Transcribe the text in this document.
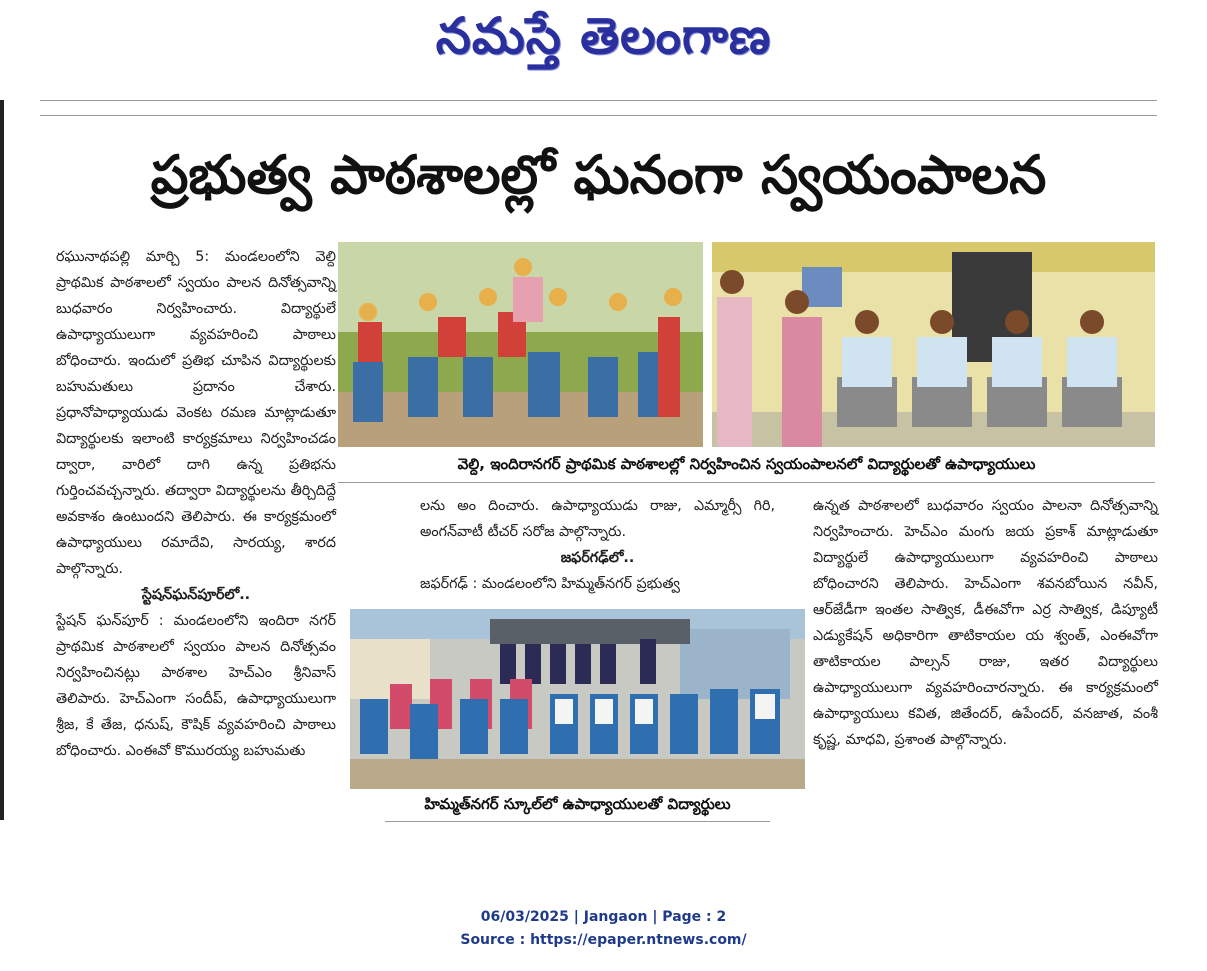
నమస్తే తెలంగాణ
ప్రభుత్వ పాఠశాలల్లో ఘనంగా స్వయంపాలన

రఘునాథపల్లి మార్చి 5: మండలంలోని వెల్ది ప్రాథమిక పాఠశాలలో స్వయం పాలన దినోత్సవాన్ని బుధవారం నిర్వహించారు. విద్యార్థులే ఉపాధ్యాయులుగా వ్యవహరించి పాఠాలు బోధించారు. ఇందులో ప్రతిభ చూపిన విద్యార్థులకు బహుమతులు ప్రదానం చేశారు. ప్రధానోపాధ్యాయుడు వెంకట రమణ మాట్లాడుతూ విద్యార్థులకు ఇలాంటి కార్యక్రమాలు నిర్వహించడం ద్వారా, వారిలో దాగి ఉన్న ప్రతిభను గుర్తించవచ్చన్నారు. తద్వారా విద్యార్థులను తీర్చిదిద్దే అవకాశం ఉంటుందని తెలిపారు. ఈ కార్యక్రమంలో ఉపాధ్యాయులు రమాదేవి, సారయ్య, శారద పాల్గొన్నారు.

స్టేషన్‌ఘన్‌పూర్‌లో..

స్టేషన్ ఘన్‌పూర్ : మండలంలోని ఇందిరా నగర్ ప్రాథమిక పాఠశాలలో స్వయం పాలన దినోత్సవం నిర్వహించినట్లు పాఠశాల హెచ్‌ఎం శ్రీనివాస్ తెలిపారు. హెచ్‌ఎంగా సందీప్, ఉపాధ్యాయులుగా శ్రీజ, కే తేజ, ధనుష్, కౌషిక్ వ్యవహరించి పాఠాలు బోధించారు. ఎంఈవో కొమురయ్య బహుమతు

వెల్ది, ఇందిరానగర్ ప్రాథమిక పాఠశాలల్లో నిర్వహించిన స్వయంపాలనలో విద్యార్థులతో ఉపాధ్యాయులు

లను అం దించారు. ఉపాధ్యాయుడు రాజు, ఎమ్మార్సీ గిరి, అంగన్‌వాటీ టీచర్ సరోజ పాల్గొన్నారు.

జఫర్‌గఢ్‌లో..

జఫర్‌గఢ్ : మండలంలోని హిమ్మత్‌నగర్ ప్రభుత్వ

హిమ్మత్‌నగర్ స్కూల్‌లో ఉపాధ్యాయులతో విద్యార్థులు

ఉన్నత పాఠశాలలో బుధవారం స్వయం పాలనా దినోత్సవాన్ని నిర్వహించారు. హెచ్‌ఎం మంగు జయ ప్రకాశ్ మాట్లాడుతూ విద్యార్థులే ఉపాధ్యాయులుగా వ్యవహరించి పాఠాలు బోధించారని తెలిపారు. హెచ్‌ఎంగా శవనబోయిన నవీన్, ఆర్‌జేడీగా ఇంతల సాత్విక, డీఈవోగా ఎర్ర సాత్విక, డిప్యూటీ ఎడ్యుకేషన్ అధికారిగా తాటికాయల య శ్వంత్, ఎంఈవోగా తాటికాయల పాల్సన్ రాజు, ఇతర విద్యార్థులు ఉపాధ్యాయులుగా వ్యవహరించారన్నారు. ఈ కార్యక్రమంలో ఉపాధ్యాయులు కవిత, జితేందర్, ఉపేందర్, వనజాత, వంశీ కృష్ణ, మాధవి, ప్రశాంత పాల్గొన్నారు.

06/03/2025 | Jangaon | Page : 2
Source : https://epaper.ntnews.com/
